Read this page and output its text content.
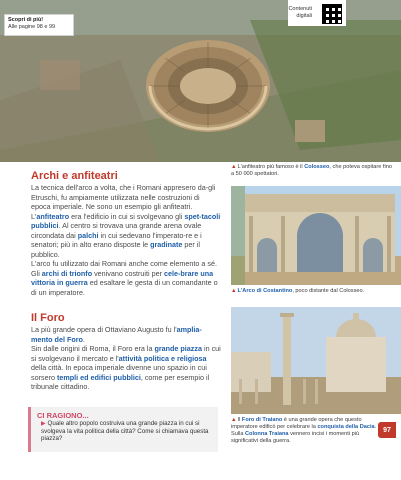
Scopri di più!
Alle pagine 98 e 99
Contenuti
digitali
▲L'anfiteatro più famoso è il Colosseo, che poteva ospitare fino a 50 000 spettatori.
Archi e anfiteatri
La tecnica dell'arco a volta, che i Romani appresero da-gli Etruschi, fu ampiamente utilizzata nelle costruzioni di epoca imperiale. Ne sono un esempio gli anfiteatri.
L'anfiteatro era l'edificio in cui si svolgevano gli spet-tacoli pubblici. Al centro si trovava una grande arena ovale circondata dai palchi in cui sedevano l'imperato-re e i senatori; più in alto erano disposte le gradinate per il pubblico.
L'arco fu utilizzato dai Romani anche come elemento a sé. Gli archi di trionfo venivano costruiti per cele-brare una vittoria in guerra ed esaltare le gesta di un comandante o di un imperatore.	▲L'Arco di Costantino, poco distante dal Colosseo.
Il Foro
La più grande opera di Ottaviano Augusto fu l'amplia-mento del Foro.
Sin dalle origini di Roma, il Foro era la grande piazza in cui si svolgevano il mercato e l'attività politica e religiosa della città. In epoca imperiale divenne uno spazio in cui sorsero templi ed edifici pubblici, come per esempio il tribunale cittadino.
CI RAGIONO...
▶ Quale altro popolo costruiva una grande piazza in cui si svolgeva la vita politica della città? Come si chiamava questa piazza?
▲Il Foro di Traiano è una grande opera che questo imperatore edificò per celebrare la conquista della Dacia. Sulla Colonna Traiana vennero incisi i momenti più significativi della guerra.
97
